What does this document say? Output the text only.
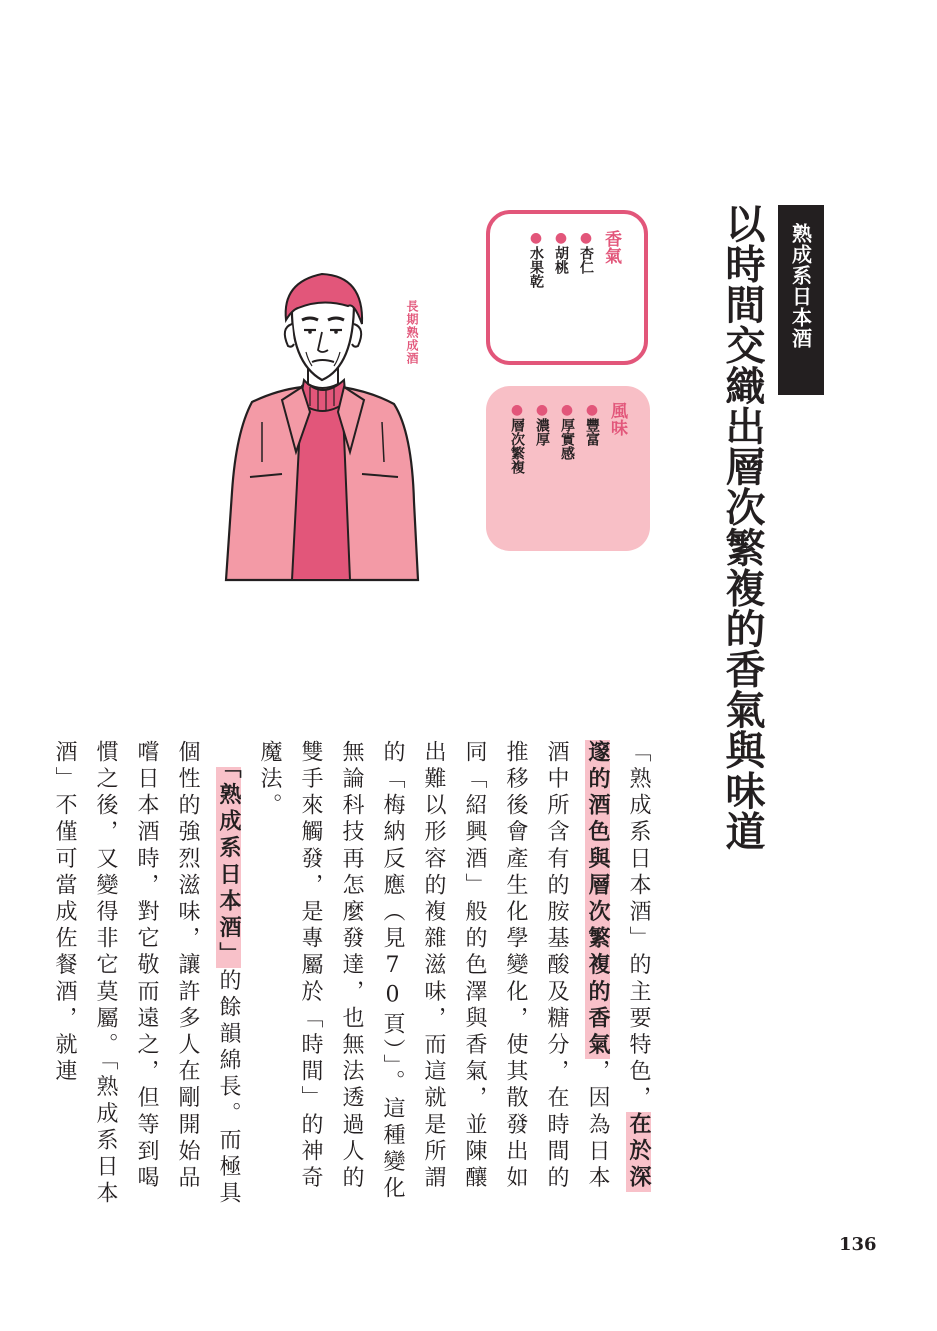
熟成系日本酒
以時間交織出層次繁複的香氣與味道
香氣
●杏仁
●胡桃
●水果乾
風味
●豐富
●厚實感
●濃厚
●層次繁複
長期熟成酒
「熟成系日本酒」的主要特色，在於深邃的酒色與層次繁複的香氣，因為日本酒中所含有的胺基酸及糖分，在時間的推移後會產生化學變化，使其散發出如同「紹興酒」般的色澤與香氣，並陳釀出難以形容的複雜滋味，而這就是所謂的「梅納反應（見70頁）」。這種變化無論科技再怎麼發達，也無法透過人的雙手來觸發，是專屬於「時間」的神奇魔法。
　「熟成系日本酒」的餘韻綿長。而極具個性的強烈滋味，讓許多人在剛開始品嚐日本酒時，對它敬而遠之，但等到喝慣之後，又變得非它莫屬。「熟成系日本酒」不僅可當成佐餐酒，就連
136
